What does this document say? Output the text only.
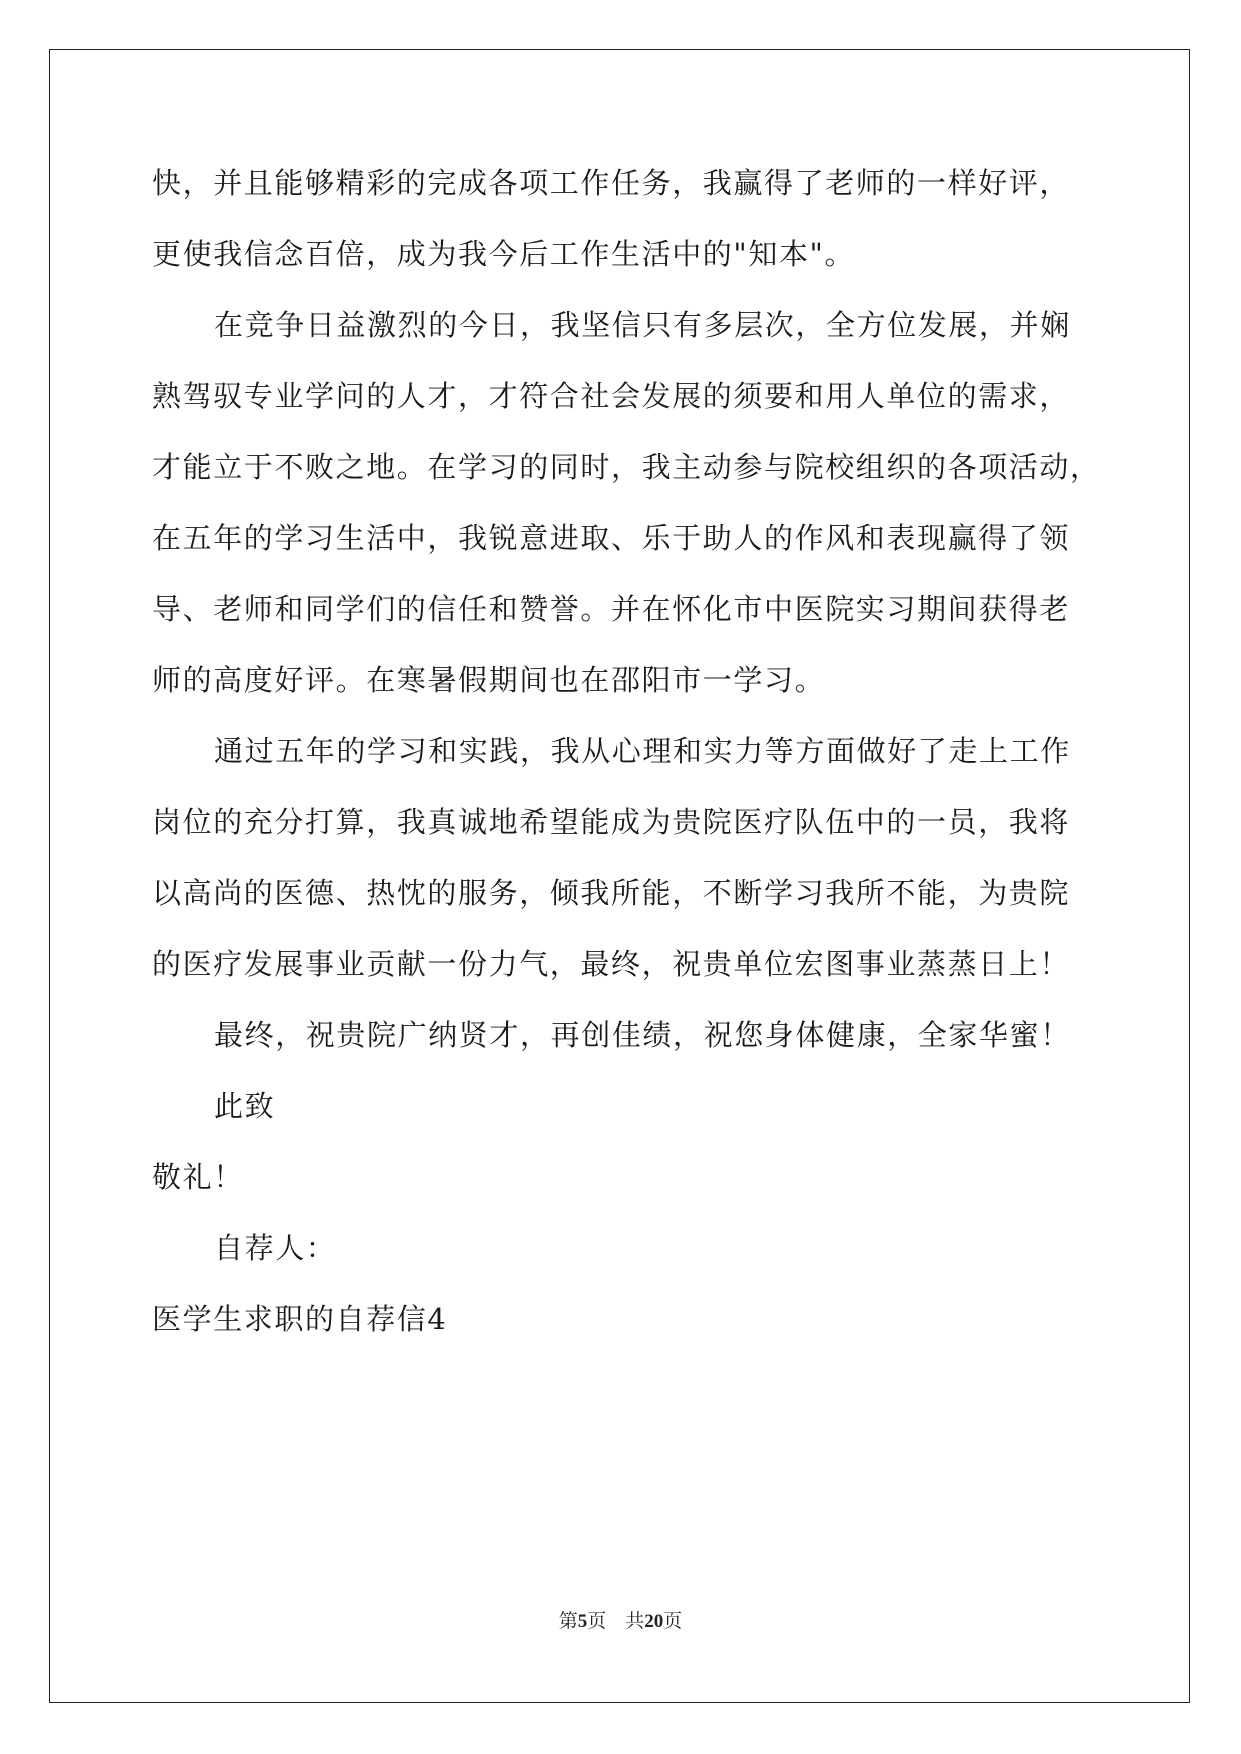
快，并且能够精彩的完成各项工作任务，我赢得了老师的一样好评，
更使我信念百倍，成为我今后工作生活中的"知本"。
在竞争日益激烈的今日，我坚信只有多层次，全方位发展，并娴
熟驾驭专业学问的人才，才符合社会发展的须要和用人单位的需求，
才能立于不败之地。在学习的同时，我主动参与院校组织的各项活动，
在五年的学习生活中，我锐意进取、乐于助人的作风和表现赢得了领
导、老师和同学们的信任和赞誉。并在怀化市中医院实习期间获得老
师的高度好评。在寒暑假期间也在邵阳市一学习。
通过五年的学习和实践，我从心理和实力等方面做好了走上工作
岗位的充分打算，我真诚地希望能成为贵院医疗队伍中的一员，我将
以高尚的医德、热忱的服务，倾我所能，不断学习我所不能，为贵院
的医疗发展事业贡献一份力气，最终，祝贵单位宏图事业蒸蒸日上！
最终，祝贵院广纳贤才，再创佳绩，祝您身体健康，全家华蜜！
此致
敬礼！
自荐人：
医学生求职的自荐信4
第5页　共20页
